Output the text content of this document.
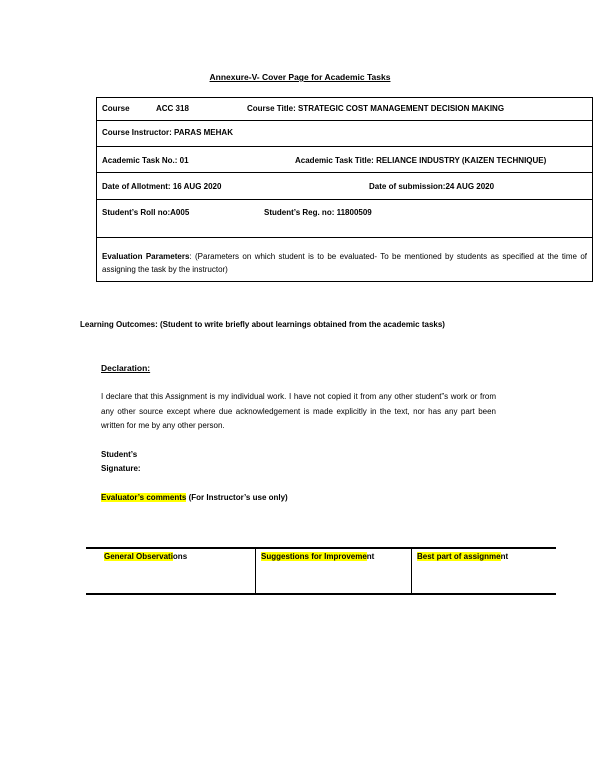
Annexure-V- Cover Page for Academic Tasks
Course	ACC 318	Course Title: STRATEGIC COST MANAGEMENT DECISION MAKING

Course Instructor: PARAS MEHAK

Academic Task No.: 01	Academic Task Title: RELIANCE INDUSTRY (KAIZEN TECHNIQUE)

Date of Allotment: 16 AUG 2020	Date of submission:24 AUG 2020

Student’s Roll no:A005	Student’s Reg. no: 11800509

Evaluation Parameters: (Parameters on which student is to be evaluated- To be mentioned by students as specified at the time of assigning the task by the instructor)
Learning Outcomes: (Student to write briefly about learnings obtained from the academic tasks)
Declaration:
I declare that this Assignment is my individual work. I have not copied it from any other student‟s work or from any other source except where due acknowledgement is made explicitly in the text, nor has any part been written for me by any other person.
Student’s
Signature:
Evaluator’s comments (For Instructor’s use only)
General Observations	Suggestions for Improvement	Best part of assignment
